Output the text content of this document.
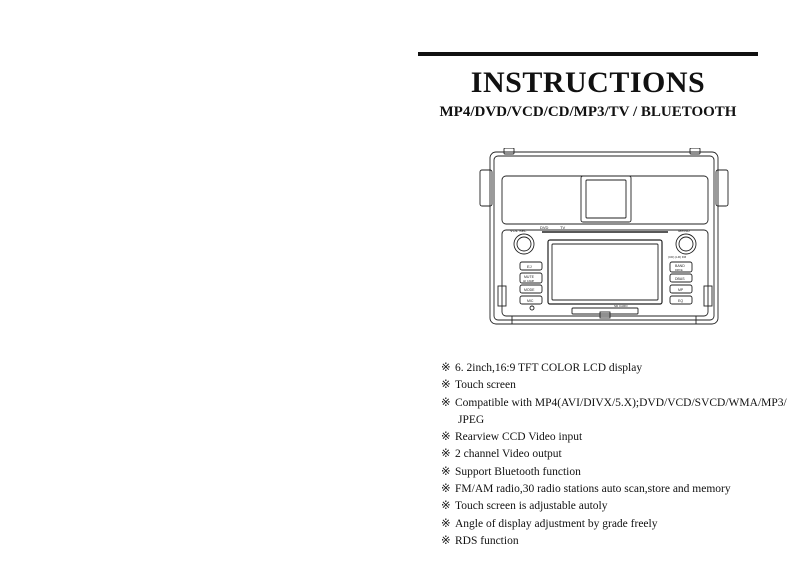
INSTRUCTIONS
MP4/DVD/VCD/CD/MP3/TV / BLUETOOTH
VOL SEL	MENU
DVD	TV
EJ
MUTE
AF CAMP
MODE
MIC
(CD) (LR) FM
BAND
DRIVE
DBAS
MP
EQ
SD CARD
※ 6. 2inch,16:9 TFT COLOR LCD display
※ Touch screen
※ Compatible with MP4(AVI/DIVX/5.X);DVD/VCD/SVCD/WMA/MP3/
JPEG
※ Rearview CCD Video input
※ 2 channel Video output
※ Support Bluetooth function
※ FM/AM radio,30 radio stations auto scan,store and memory
※ Touch screen is adjustable autoly
※ Angle of display adjustment by grade freely
※ RDS function
